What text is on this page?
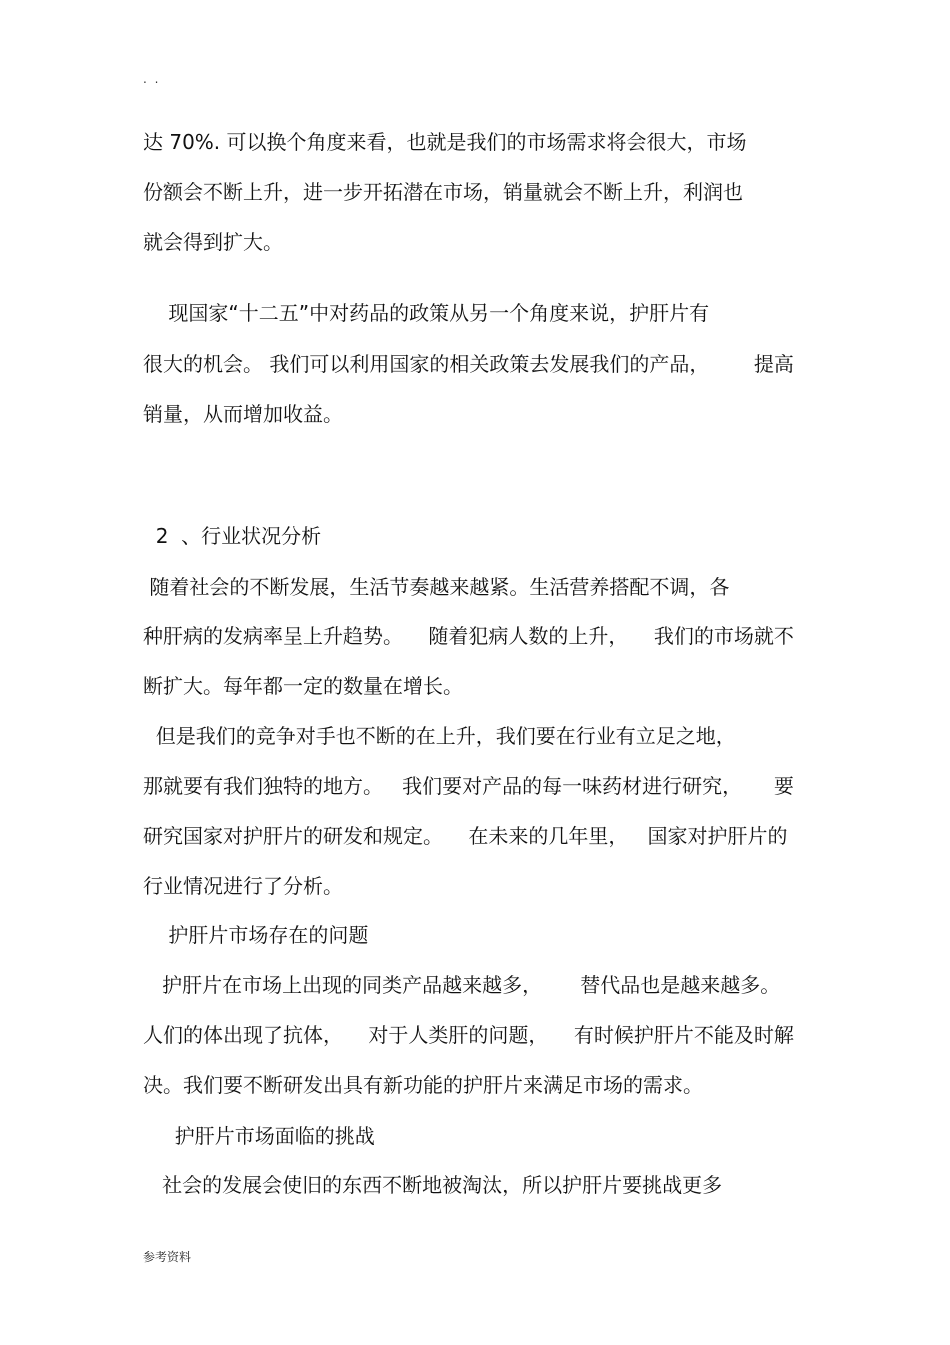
. .
达 70%. 可以换个角度来看，也就是我们的市场需求将会很大，市场
份额会不断上升，进一步开拓潜在市场，销量就会不断上升，利润也
就会得到扩大。
现国家“十二五”中对药品的政策从另一个角度来说，护肝片有
很大的机会。 我们可以利用国家的相关政策去发展我们的产品，       提高
销量，从而增加收益。
2  、行业状况分析
随着社会的不断发展，生活节奏越来越紧。生活营养搭配不调，各
种肝病的发病率呈上升趋势。    随着犯病人数的上升，    我们的市场就不
断扩大。每年都一定的数量在增长。
但是我们的竞争对手也不断的在上升，我们要在行业有立足之地，
那就要有我们独特的地方。   我们要对产品的每一味药材进行研究，     要
研究国家对护肝片的研发和规定。    在未来的几年里，   国家对护肝片的
行业情况进行了分析。
护肝片市场存在的问题
护肝片在市场上出现的同类产品越来越多，      替代品也是越来越多。
人们的体出现了抗体，    对于人类肝的问题，    有时候护肝片不能及时解
决。我们要不断研发出具有新功能的护肝片来满足市场的需求。
护肝片市场面临的挑战
社会的发展会使旧的东西不断地被淘汰，所以护肝片要挑战更多
参考资料
